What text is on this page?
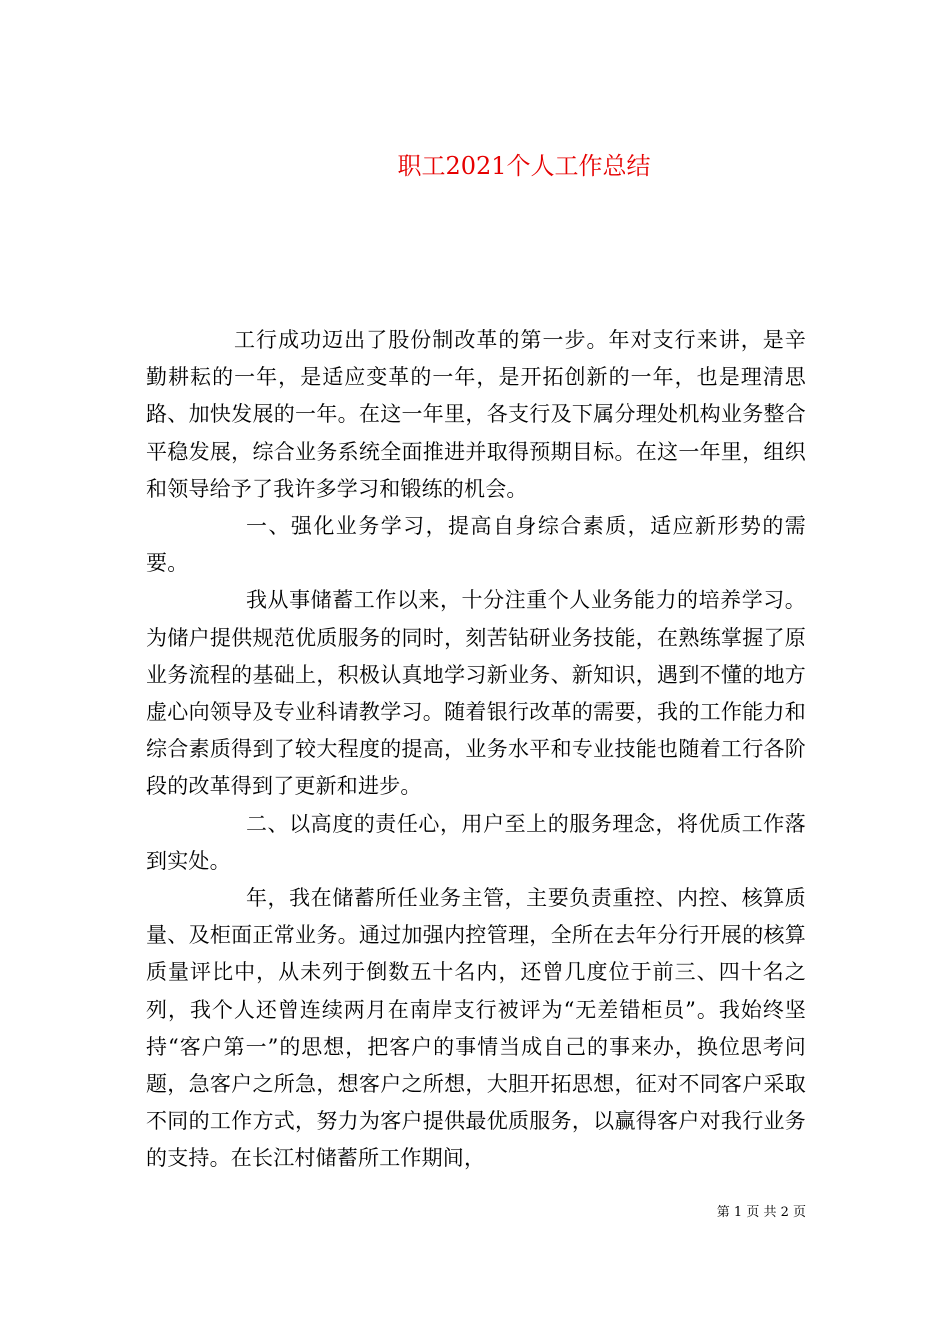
职工2021个人工作总结

工行成功迈出了股份制改革的第一步。年对支行来讲，是辛勤耕耘的一年，是适应变革的一年，是开拓创新的一年，也是理清思路、加快发展的一年。在这一年里，各支行及下属分理处机构业务整合平稳发展，综合业务系统全面推进并取得预期目标。在这一年里，组织和领导给予了我许多学习和锻练的机会。

一、强化业务学习，提高自身综合素质，适应新形势的需要。

我从事储蓄工作以来，十分注重个人业务能力的培养学习。为储户提供规范优质服务的同时，刻苦钻研业务技能，在熟练掌握了原业务流程的基础上，积极认真地学习新业务、新知识，遇到不懂的地方虚心向领导及专业科请教学习。随着银行改革的需要，我的工作能力和综合素质得到了较大程度的提高，业务水平和专业技能也随着工行各阶段的改革得到了更新和进步。

二、以高度的责任心，用户至上的服务理念，将优质工作落到实处。

年，我在储蓄所任业务主管，主要负责重控、内控、核算质量、及柜面正常业务。通过加强内控管理，全所在去年分行开展的核算质量评比中，从未列于倒数五十名内，还曾几度位于前三、四十名之列，我个人还曾连续两月在南岸支行被评为“无差错柜员”。我始终坚持“客户第一”的思想，把客户的事情当成自己的事来办，换位思考问题，急客户之所急，想客户之所想，大胆开拓思想，征对不同客户采取不同的工作方式，努力为客户提供最优质服务，以赢得客户对我行业务的支持。在长江村储蓄所工作期间，

第 1 页 共 2 页
